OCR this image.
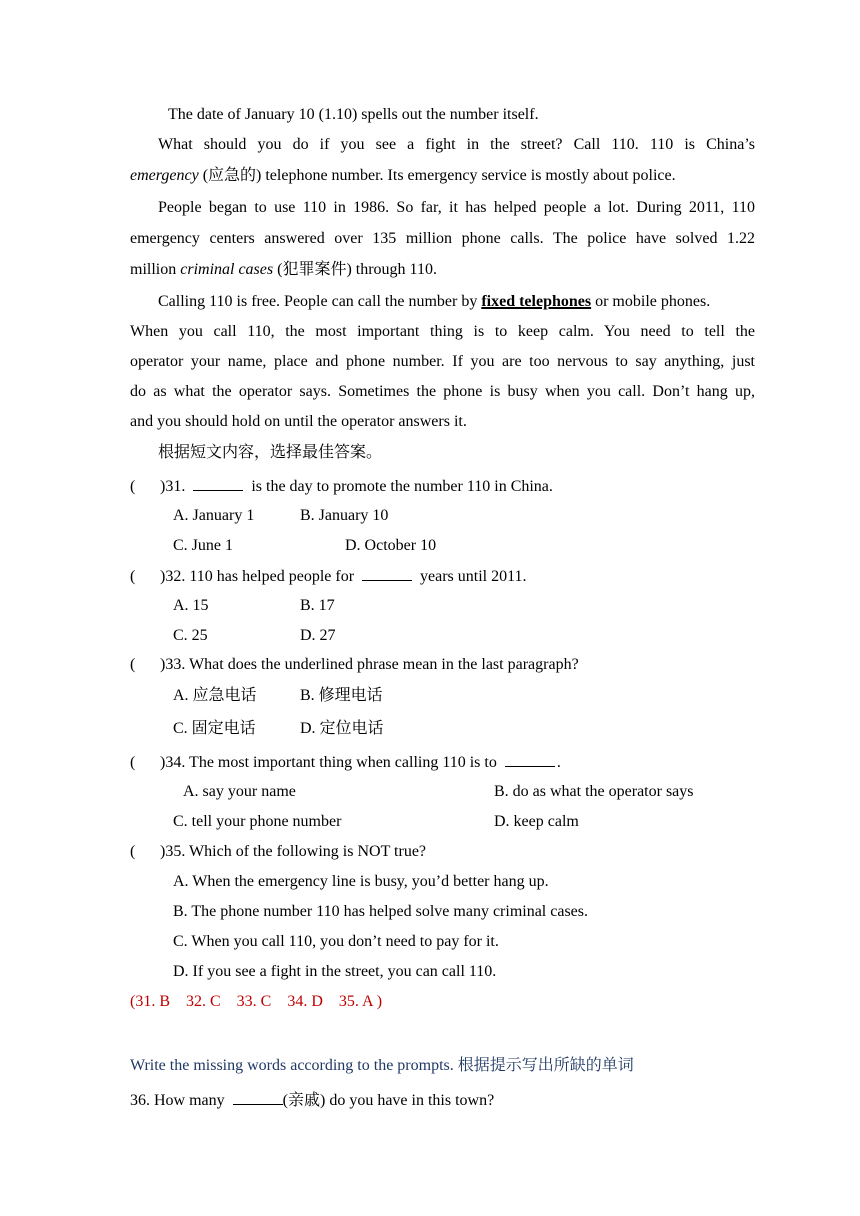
The date of January 10 (1.10) spells out the number itself.
What should you do if you see a fight in the street? Call 110. 110 is China’s
emergency (应急的) telephone number. Its emergency service is mostly about police.
People began to use 110 in 1986. So far, it has helped people a lot. During 2011, 110
emergency centers answered over 135 million phone calls. The police have solved 1.22
million criminal cases (犯罪案件) through 110.
Calling 110 is free. People can call the number by fixed telephones or mobile phones.
When you call 110, the most important thing is to keep calm. You need to tell the
operator your name, place and phone number. If you are too nervous to say anything, just
do as what the operator says. Sometimes the phone is busy when you call. Don’t hang up,
and you should hold on until the operator answers it.
根据短文内容，选择最佳答案。
( )31.	is the day to promote the number 110 in China.
A. January 1	B. January 10
C. June 1	D. October 10
( )32. 110 has helped people for	years until 2011.
A. 15	B. 17
C. 25	D. 27
( )33. What does the underlined phrase mean in the last paragraph?
A. 应急电话	B. 修理电话
C. 固定电话	D. 定位电话
( )34. The most important thing when calling 110 is to	.
A. say your name	B. do as what the operator says
C. tell your phone number	D. keep calm
( )35. Which of the following is NOT true?
A. When the emergency line is busy, you’d better hang up.
B. The phone number 110 has helped solve many criminal cases.
C. When you call 110, you don’t need to pay for it.
D. If you see a fight in the street, you can call 110.
(31. B    32. C    33. C    34. D    35. A )
Write the missing words according to the prompts. 根据提示写出所缺的单词
36. How many	(亲戚) do you have in this town?
